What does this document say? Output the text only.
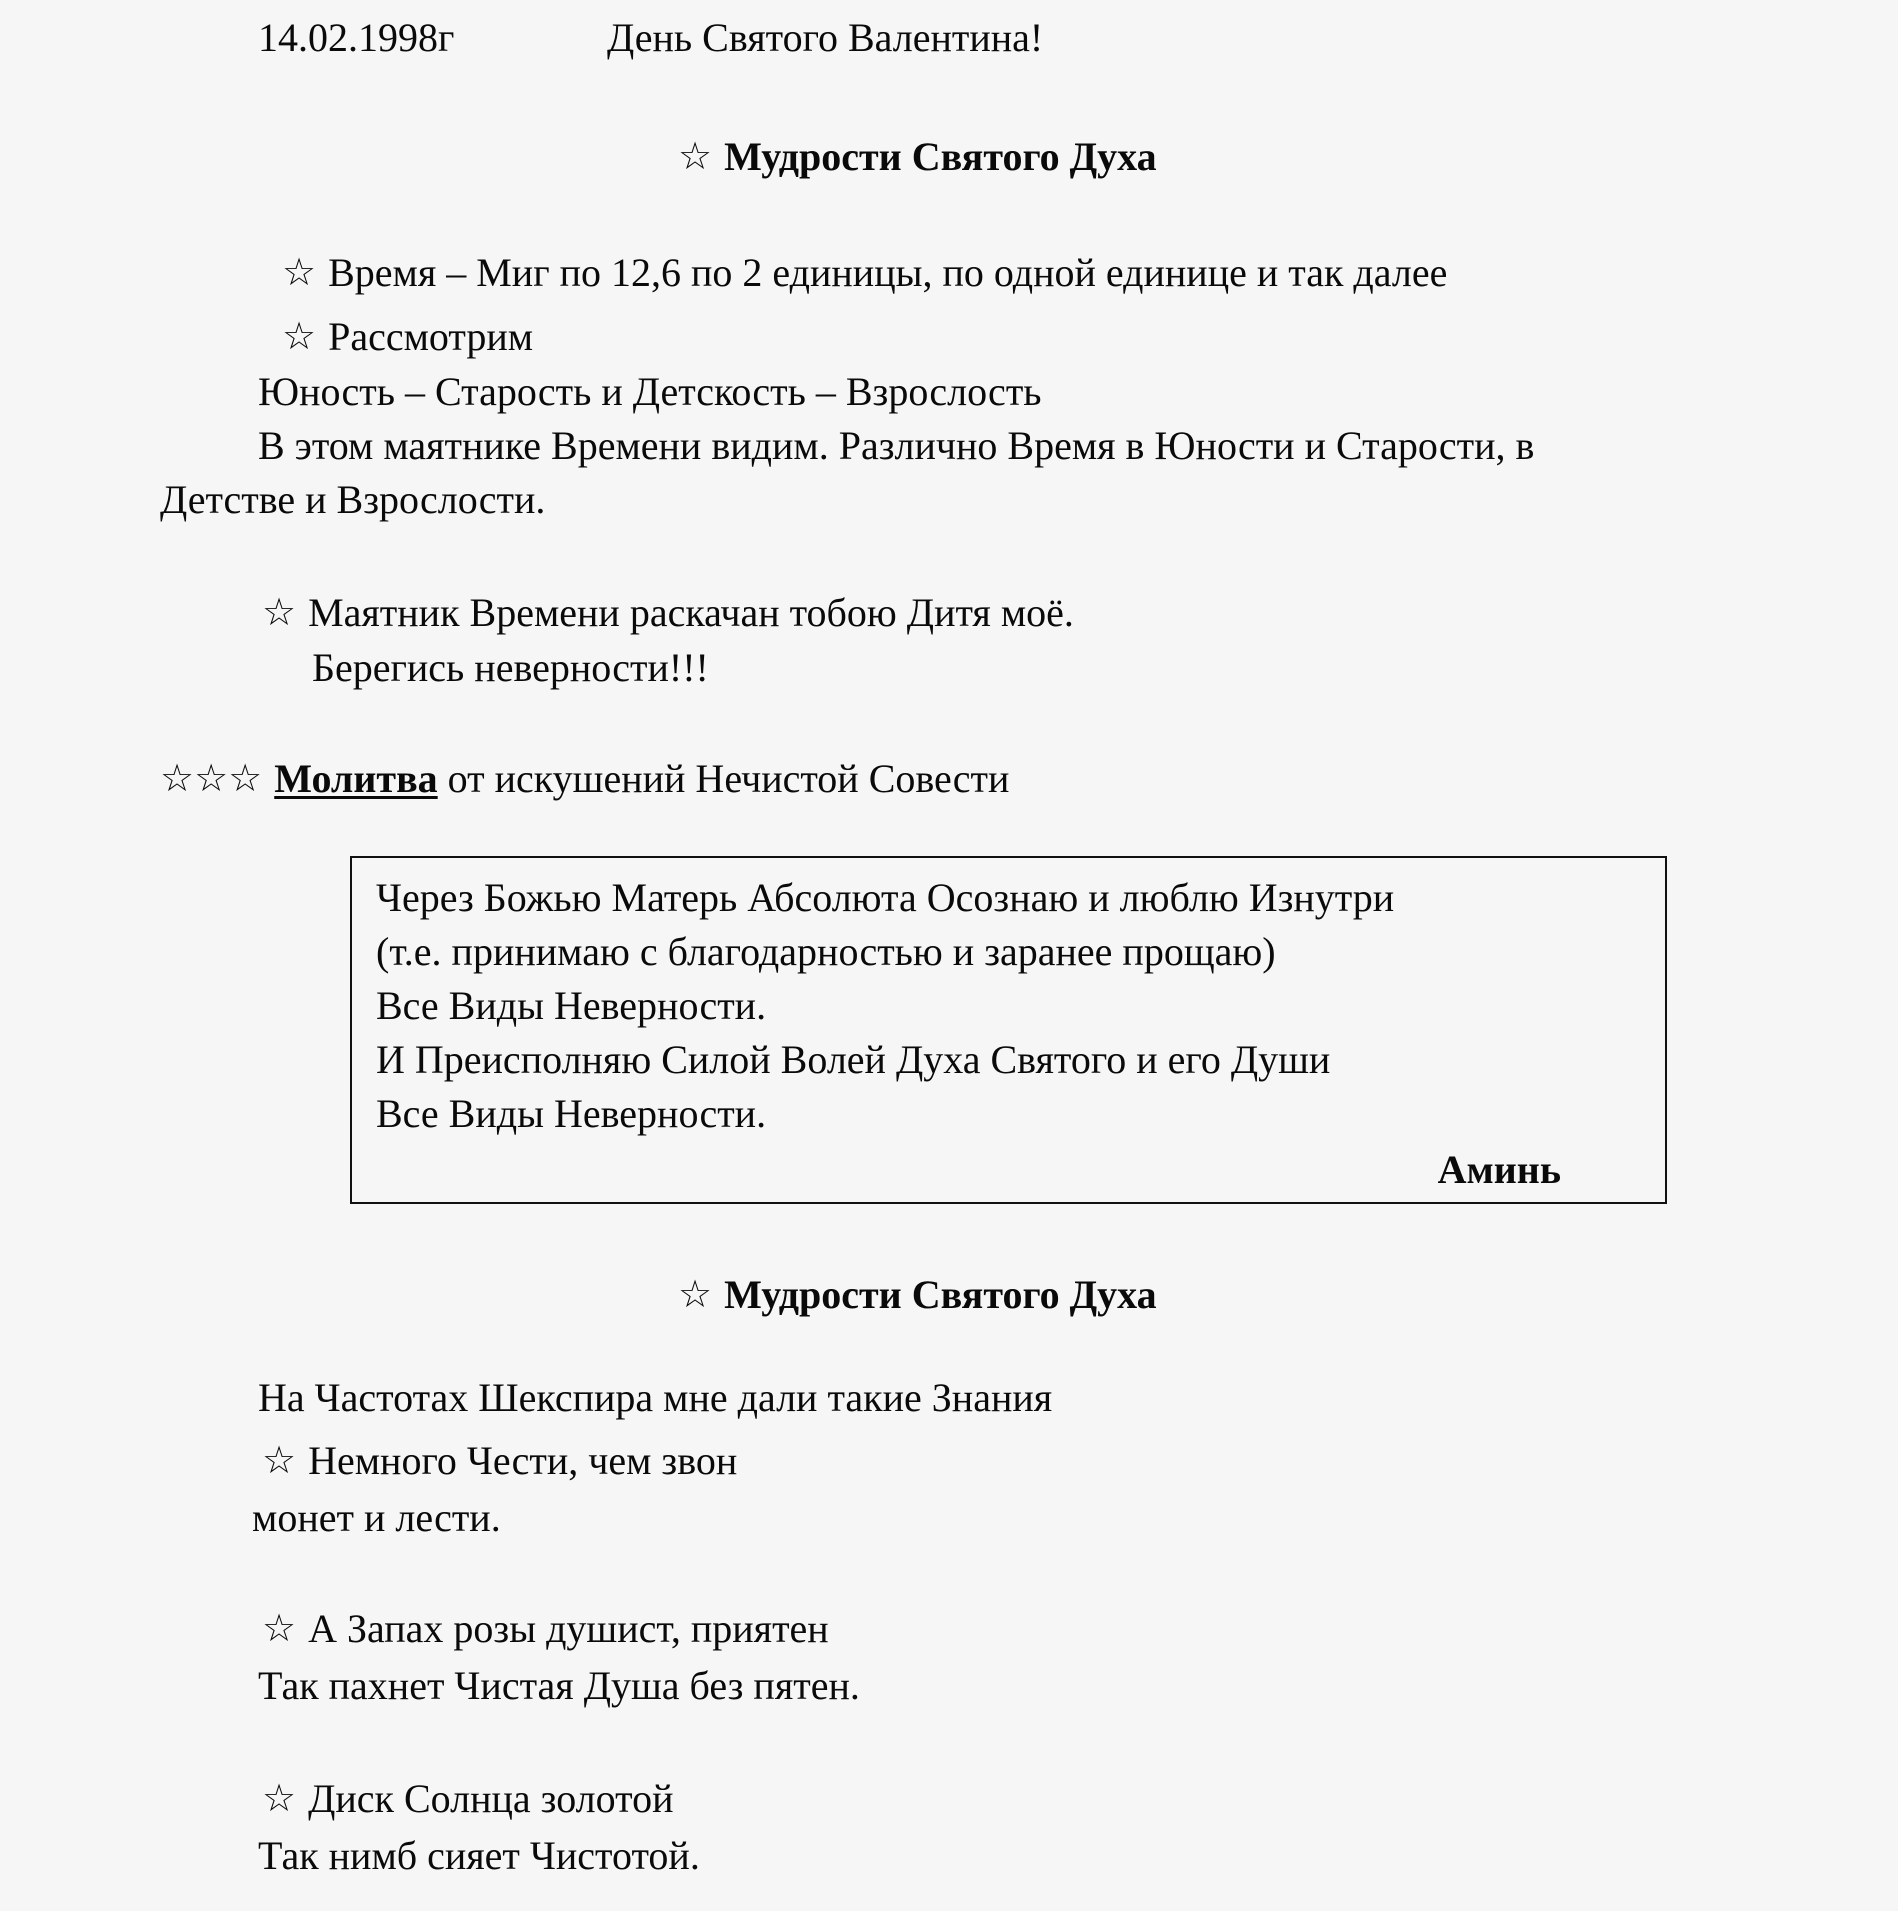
14.02.1998г	День Святого Валентина!
☆ Мудрости Святого Духа
☆ Время – Миг по 12,6 по 2 единицы, по одной единице и так далее
☆ Рассмотрим
Юность – Старость и Детскость – Взрослость
В этом маятнике Времени видим. Различно Время в Юности и Старости, в
Детстве и Взрослости.
☆ Маятник Времени раскачан тобою Дитя моё.
Берегись неверности!!!
☆☆☆ Молитва от искушений Нечистой Совести
Через Божью Матерь Абсолюта Осознаю и люблю Изнутри
(т.е. принимаю с благодарностью и заранее прощаю)
Все Виды Неверности.
И Преисполняю Силой Волей Духа Святого и его Души
Все Виды Неверности.
Аминь
☆ Мудрости Святого Духа
На Частотах Шекспира мне дали такие Знания
☆ Немного Чести, чем звон
монет и лести.
☆ А Запах розы душист, приятен
Так пахнет Чистая Душа без пятен.
☆ Диск Солнца золотой
Так нимб сияет Чистотой.
